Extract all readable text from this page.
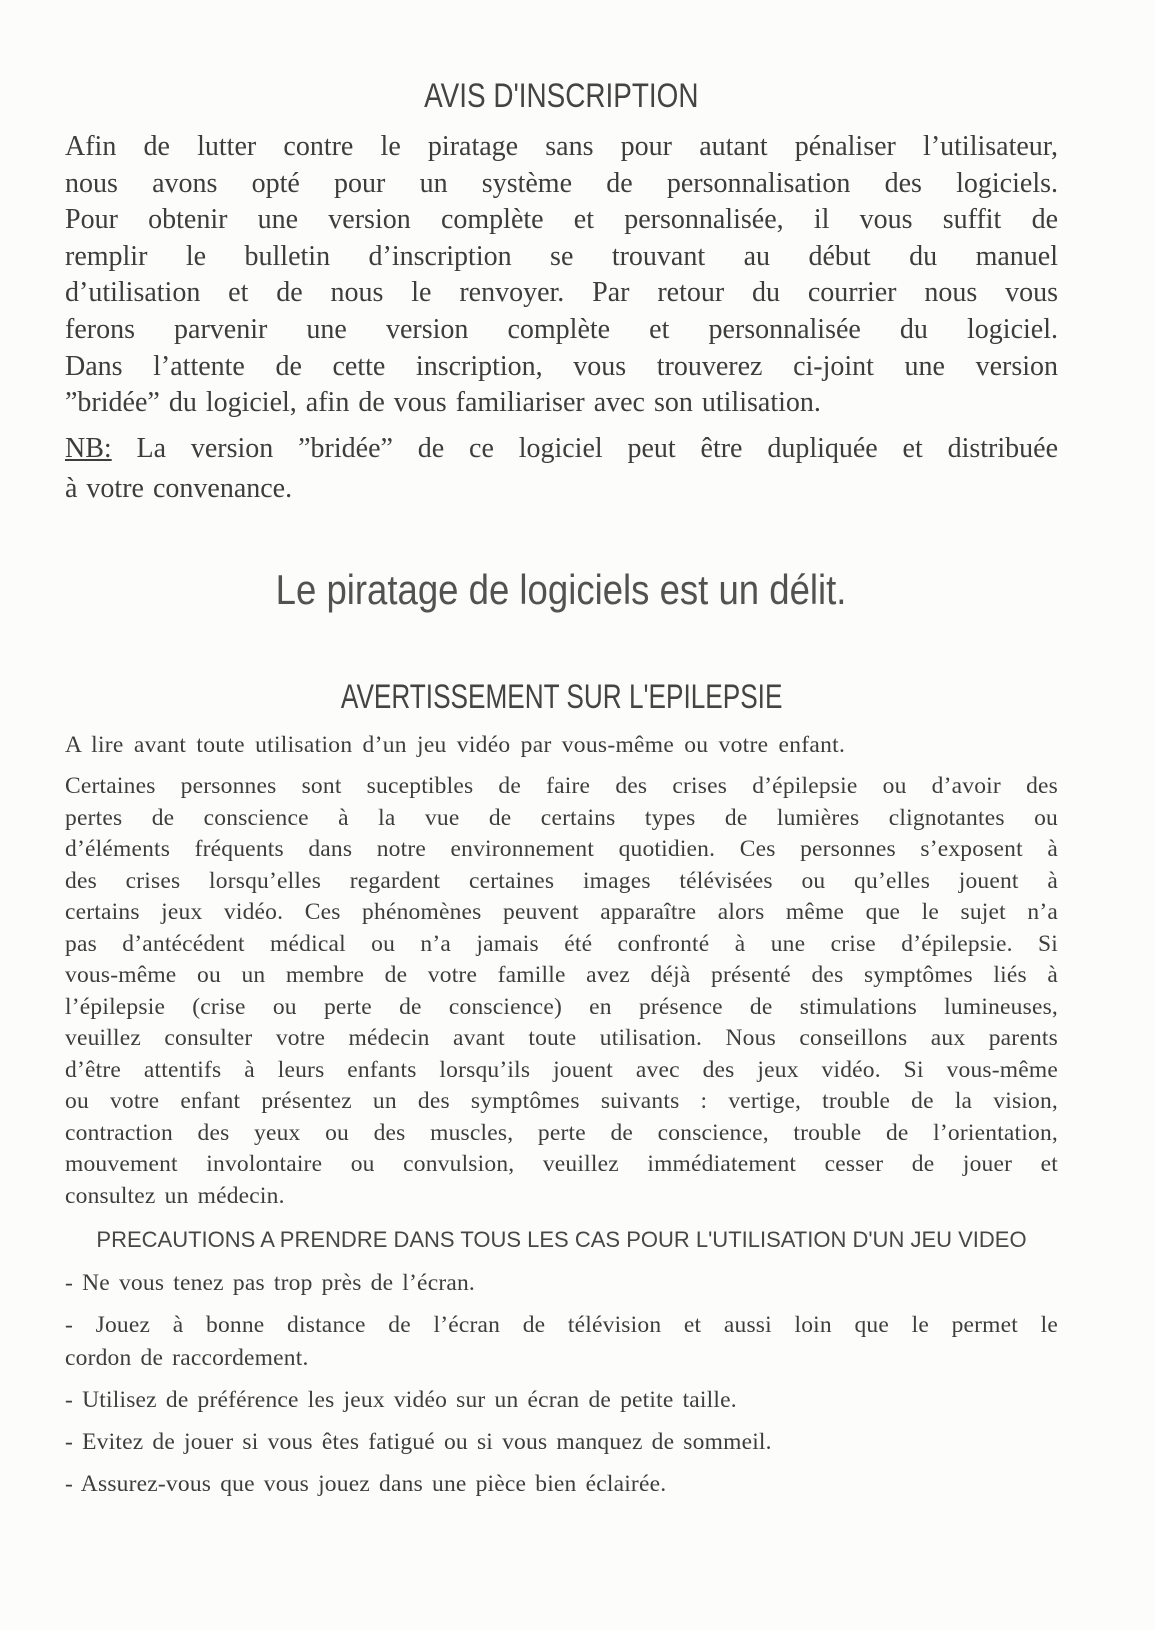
AVIS D'INSCRIPTION
Afin de lutter contre le piratage sans pour autant pénaliser l’utilisateur,
nous avons opté pour un système de personnalisation des logiciels.
Pour obtenir une version complète et personnalisée, il vous suffit de
remplir le bulletin d’inscription se trouvant au début du manuel
d’utilisation et de nous le renvoyer. Par retour du courrier nous vous
ferons parvenir une version complète et personnalisée du logiciel.
Dans l’attente de cette inscription, vous trouverez ci-joint une version
”bridée” du logiciel, afin de vous familiariser avec son utilisation.
NB: La version ”bridée” de ce logiciel peut être dupliquée et distribuée
à votre convenance.
Le piratage de logiciels est un délit.
AVERTISSEMENT SUR L'EPILEPSIE
A lire avant toute utilisation d’un jeu vidéo par vous-même ou votre enfant.
Certaines personnes sont suceptibles de faire des crises d’épilepsie ou d’avoir des
pertes de conscience à la vue de certains types de lumières clignotantes ou
d’éléments fréquents dans notre environnement quotidien. Ces personnes s’exposent à
des crises lorsqu’elles regardent certaines images télévisées ou qu’elles jouent à
certains jeux vidéo. Ces phénomènes peuvent apparaître alors même que le sujet n’a
pas d’antécédent médical ou n’a jamais été confronté à une crise d’épilepsie. Si
vous-même ou un membre de votre famille avez déjà présenté des symptômes liés à
l’épilepsie (crise ou perte de conscience) en présence de stimulations lumineuses,
veuillez consulter votre médecin avant toute utilisation. Nous conseillons aux parents
d’être attentifs à leurs enfants lorsqu’ils jouent avec des jeux vidéo. Si vous-même
ou votre enfant présentez un des symptômes suivants : vertige, trouble de la vision,
contraction des yeux ou des muscles, perte de conscience, trouble de l’orientation,
mouvement involontaire ou convulsion, veuillez immédiatement cesser de jouer et
consultez un médecin.
PRECAUTIONS A PRENDRE DANS TOUS LES CAS POUR L'UTILISATION D'UN JEU VIDEO
- Ne vous tenez pas trop près de l’écran.
- Jouez à bonne distance de l’écran de télévision et aussi loin que le permet le
cordon de raccordement.
- Utilisez de préférence les jeux vidéo sur un écran de petite taille.
- Evitez de jouer si vous êtes fatigué ou si vous manquez de sommeil.
- Assurez-vous que vous jouez dans une pièce bien éclairée.
